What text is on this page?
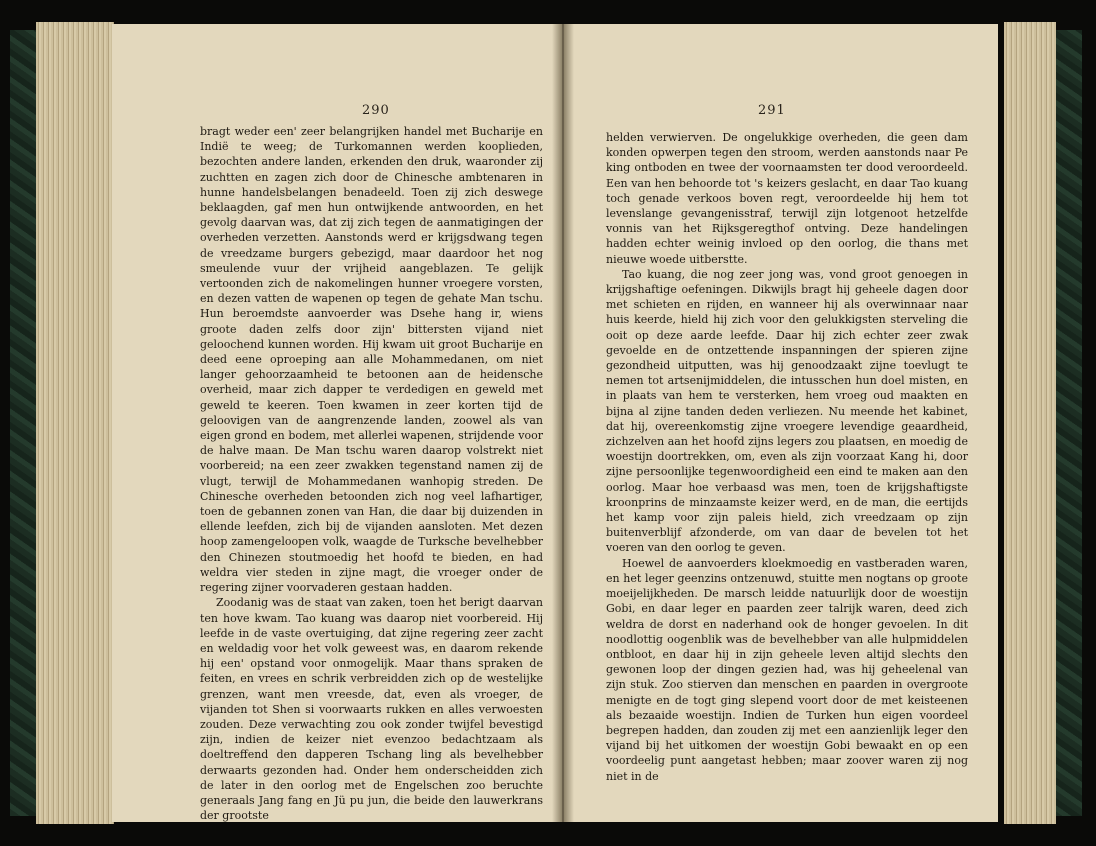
290

bragt weder een' zeer belangrijken handel met Bucharije en Indië te weeg; de Turkomannen werden kooplieden, bezochten andere landen, erkenden den druk, waaronder zij zuchtten en zagen zich door de Chinesche ambtenaren in hunne handelsbelangen benadeeld. Toen zij zich deswege beklaagden, gaf men hun ontwijkende antwoorden, en het gevolg daarvan was, dat zij zich tegen de aanmatigingen der overheden verzetten. Aanstonds werd er krijgsdwang tegen de vreedzame burgers gebezigd, maar daardoor het nog smeulende vuur der vrijheid aangeblazen. Te gelijk vertoonden zich de nakomelingen hunner vroegere vorsten, en dezen vatten de wapenen op tegen de gehate Man tschu. Hun beroemdste aanvoerder was Dsehe hang ir, wiens groote daden zelfs door zijn' bittersten vijand niet geloochend kunnen worden. Hij kwam uit groot Bucharije en deed eene oproeping aan alle Mohammedanen, om niet langer gehoorzaamheid te betoonen aan de heidensche overheid, maar zich dapper te verdedigen en geweld met geweld te keeren. Toen kwamen in zeer korten tijd de geloovigen van de aangrenzende landen, zoowel als van eigen grond en bodem, met allerlei wapenen, strijdende voor de halve maan. De Man tschu waren daarop volstrekt niet voorbereid; na een zeer zwakken tegenstand namen zij de vlugt, terwijl de Mohammedanen wanhopig streden. De Chinesche overheden betoonden zich nog veel lafhartiger, toen de gebannen zonen van Han, die daar bij duizenden in ellende leefden, zich bij de vijanden aansloten. Met dezen hoop zamengeloopen volk, waagde de Turksche bevelhebber den Chinezen stoutmoedig het hoofd te bieden, en had weldra vier steden in zijne magt, die vroeger onder de regering zijner voorvaderen gestaan hadden.

Zoodanig was de staat van zaken, toen het berigt daarvan ten hove kwam. Tao kuang was daarop niet voorbereid. Hij leefde in de vaste overtuiging, dat zijne regering zeer zacht en weldadig voor het volk geweest was, en daarom rekende hij een' opstand voor onmogelijk. Maar thans spraken de feiten, en vrees en schrik verbreidden zich op de westelijke grenzen, want men vreesde, dat, even als vroeger, de vijanden tot Shen si voorwaarts rukken en alles verwoesten zouden. Deze verwachting zou ook zonder twijfel bevestigd zijn, indien de keizer niet evenzoo bedachtzaam als doeltreffend den dapperen Tschang ling als bevelhebber derwaarts gezonden had. Onder hem onderscheidden zich de later in den oorlog met de Engelschen zoo beruchte generaals Jang fang en Jü pu jun, die beide den lauwerkrans der grootste

291

helden verwierven. De ongelukkige overheden, die geen dam konden opwerpen tegen den stroom, werden aanstonds naar Pe king ontboden en twee der voornaamsten ter dood veroordeeld. Een van hen behoorde tot 's keizers geslacht, en daar Tao kuang toch genade verkoos boven regt, veroordeelde hij hem tot levenslange gevangenisstraf, terwijl zijn lotgenoot hetzelfde vonnis van het Rijksgeregthof ontving. Deze handelingen hadden echter weinig invloed op den oorlog, die thans met nieuwe woede uitberstte.

Tao kuang, die nog zeer jong was, vond groot genoegen in krijgshaftige oefeningen. Dikwijls bragt hij geheele dagen door met schieten en rijden, en wanneer hij als overwinnaar naar huis keerde, hield hij zich voor den gelukkigsten sterveling die ooit op deze aarde leefde. Daar hij zich echter zeer zwak gevoelde en de ontzettende inspanningen der spieren zijne gezondheid uitputten, was hij genoodzaakt zijne toevlugt te nemen tot artsenijmiddelen, die intusschen hun doel misten, en in plaats van hem te versterken, hem vroeg oud maakten en bijna al zijne tanden deden verliezen. Nu meende het kabinet, dat hij, overeenkomstig zijne vroegere levendige geaardheid, zichzelven aan het hoofd zijns legers zou plaatsen, en moedig de woestijn doortrekken, om, even als zijn voorzaat Kang hi, door zijne persoonlijke tegenwoordigheid een eind te maken aan den oorlog. Maar hoe verbaasd was men, toen de krijgshaftigste kroonprins de minzaamste keizer werd, en de man, die eertijds het kamp voor zijn paleis hield, zich vreedzaam op zijn buitenverblijf afzonderde, om van daar de bevelen tot het voeren van den oorlog te geven.

Hoewel de aanvoerders kloekmoedig en vastberaden waren, en het leger geenzins ontzenuwd, stuitte men nogtans op groote moeijelijkheden. De marsch leidde natuurlijk door de woestijn Gobi, en daar leger en paarden zeer talrijk waren, deed zich weldra de dorst en naderhand ook de honger gevoelen. In dit noodlottig oogenblik was de bevelhebber van alle hulpmiddelen ontbloot, en daar hij in zijn geheele leven altijd slechts den gewonen loop der dingen gezien had, was hij geheelenal van zijn stuk. Zoo stierven dan menschen en paarden in overgroote menigte en de togt ging slepend voort door de met keisteenen als bezaaide woestijn. Indien de Turken hun eigen voordeel begrepen hadden, dan zouden zij met een aanzienlijk leger den vijand bij het uitkomen der woestijn Gobi bewaakt en op een voordeelig punt aangetast hebben; maar zoover waren zij nog niet in de
